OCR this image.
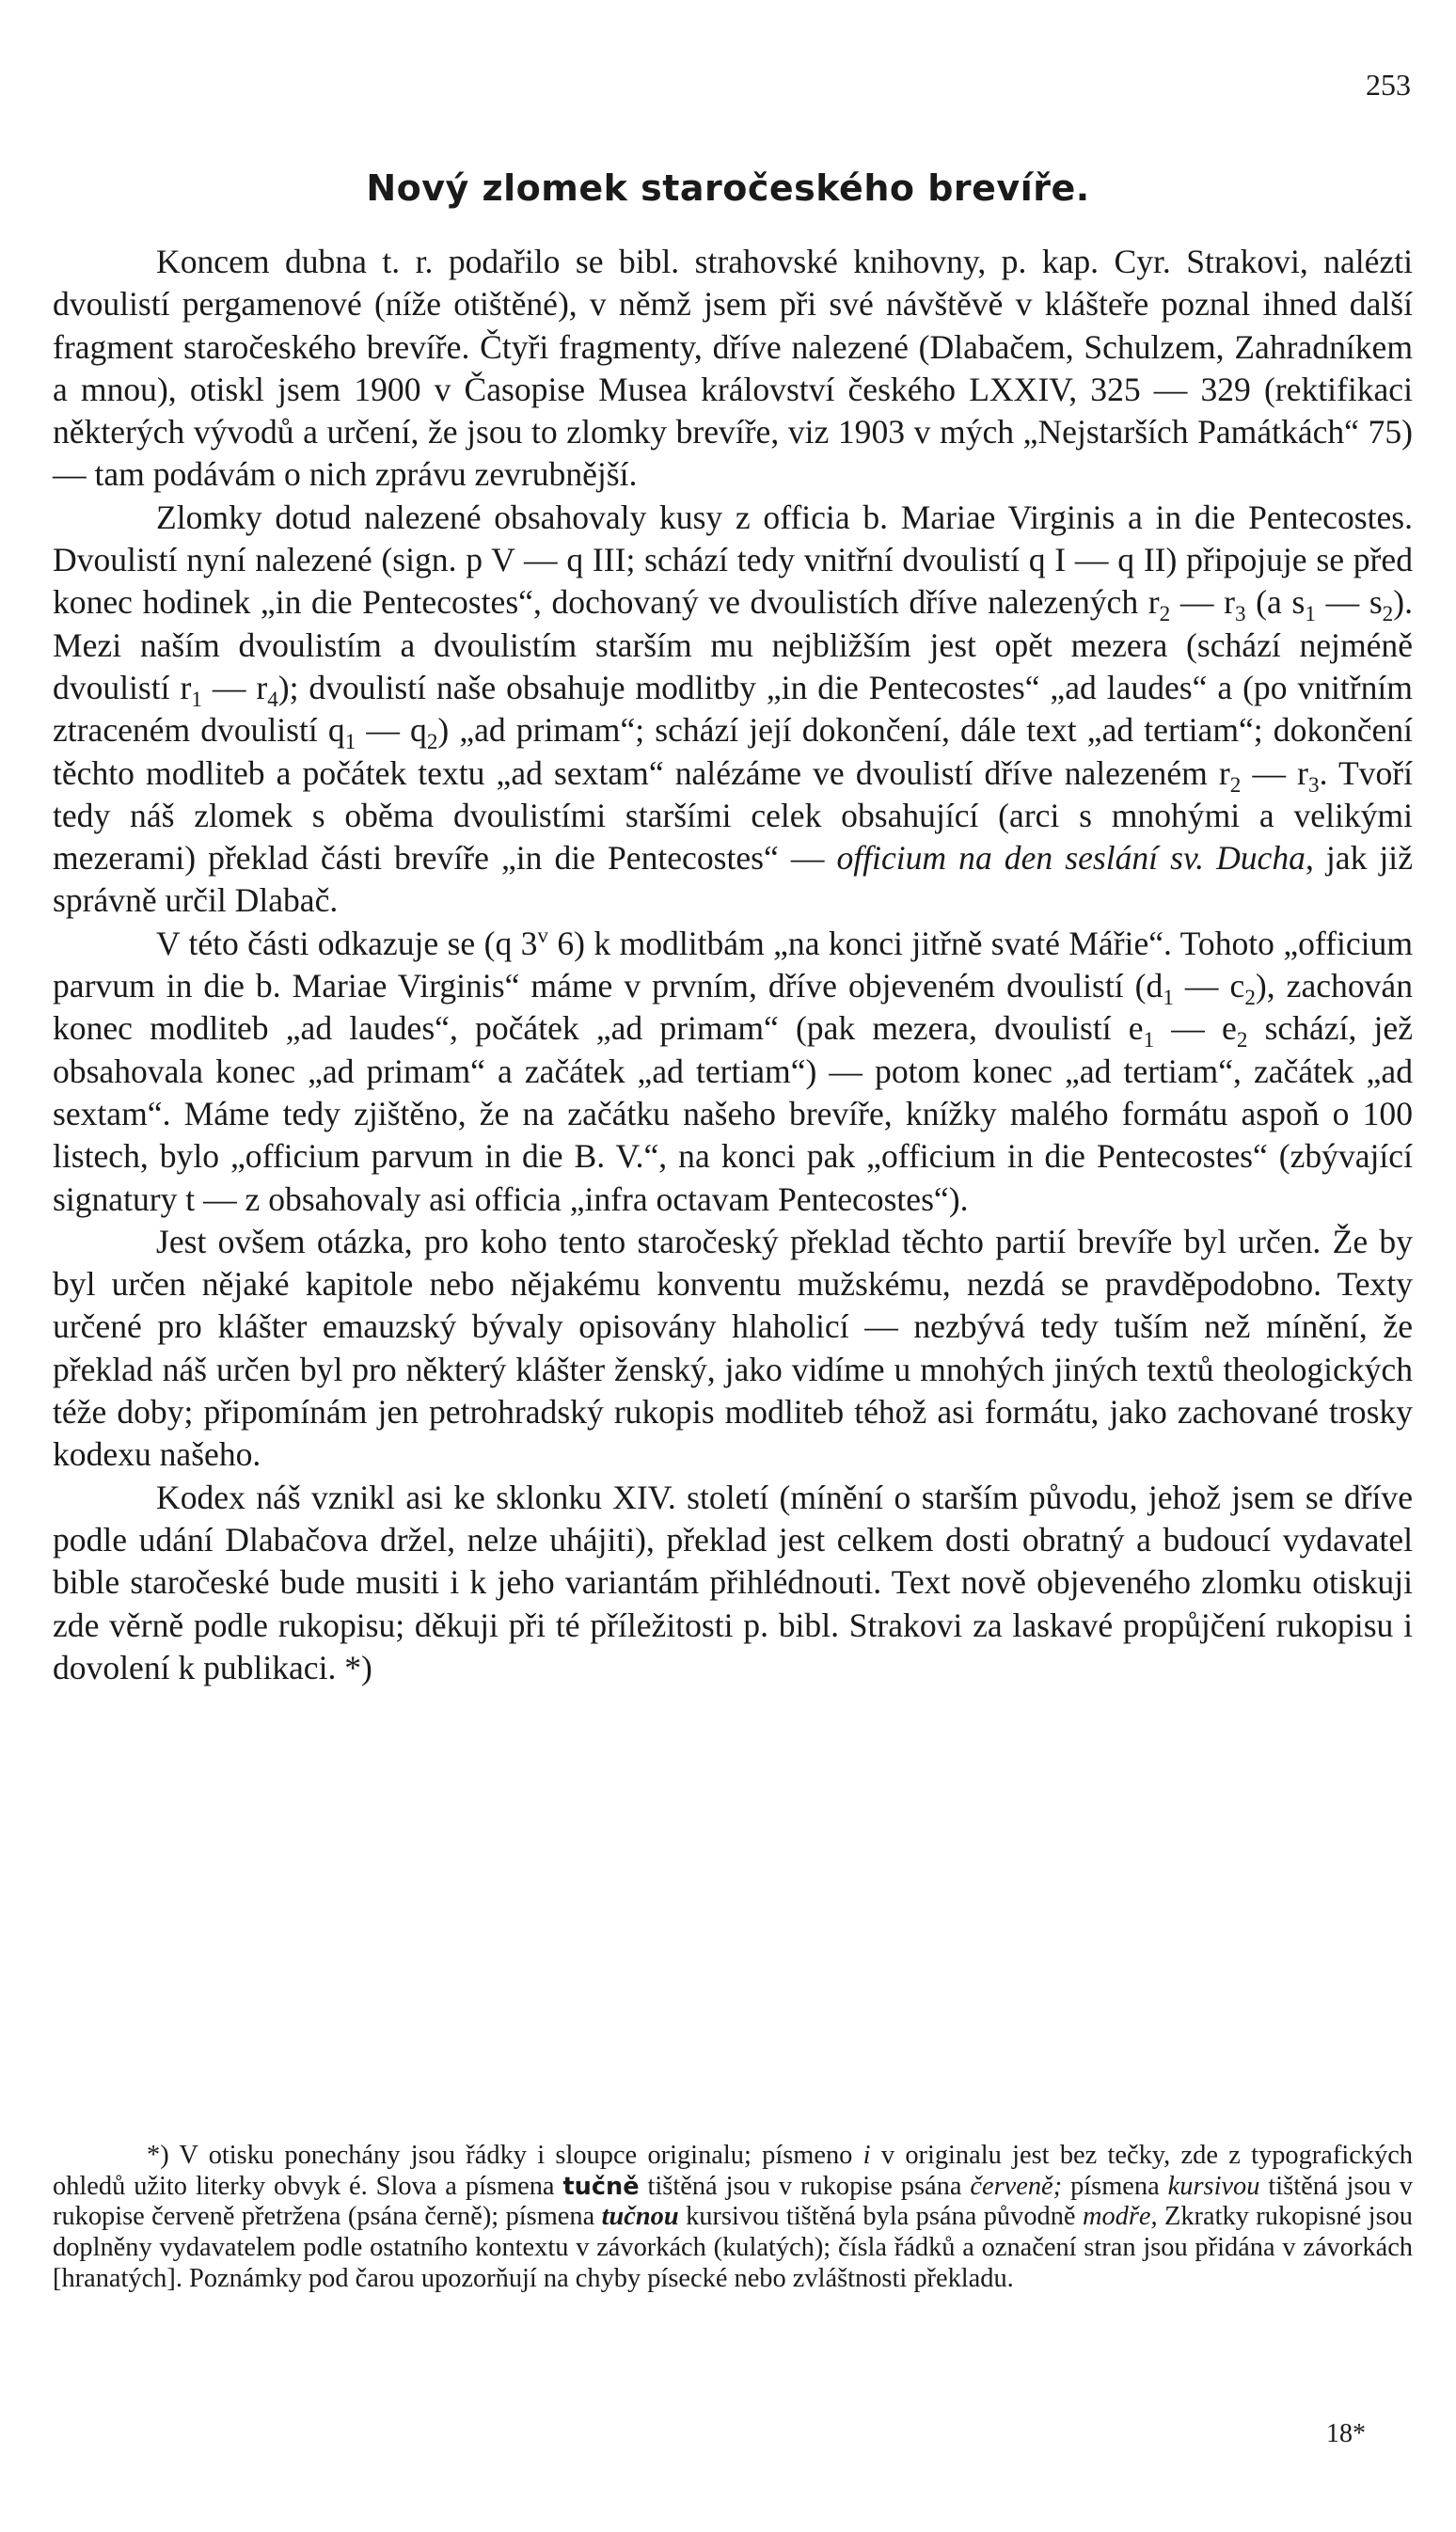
253
Nový zlomek staročeského brevíře.

Koncem dubna t. r. podařilo se bibl. strahovské knihovny, p. kap. Cyr. Strakovi, nalézti dvoulistí pergamenové (níže otištěné), v němž jsem při své návštěvě v klášteře poznal ihned další fragment staročeského brevíře. Čtyři fragmenty, dříve nalezené (Dlabačem, Schulzem, Zahradníkem a mnou), otiskl jsem 1900 v Časopise Musea království českého LXXIV, 325 — 329 (rektifikaci některých vývodů a určení, že jsou to zlomky brevíře, viz 1903 v mých „Nejstarších Památkách“ 75) — tam podávám o nich zprávu zevrubnější.

Zlomky dotud nalezené obsahovaly kusy z officia b. Mariae Virginis a in die Pentecostes. Dvoulistí nyní nalezené (sign. p V — q III; schází tedy vnitřní dvoulistí q I — q II) připojuje se před konec hodinek „in die Pentecostes“, dochovaný ve dvoulistích dříve nalezených $r_2$ — $r_3$ (a $s_1$ — $s_2$). Mezi naším dvoulistím a dvoulistím starším mu nejbližším jest opět mezera (schází nejméně dvoulistí $r_1$ — $r_4$); dvoulistí naše obsahuje modlitby „in die Pentecostes“ „ad laudes“ a (po vnitřním ztraceném dvoulistí $q_1$ — $q_2$) „ad primam“; schází její dokončení, dále text „ad tertiam“; dokončení těchto modliteb a počátek textu „ad sextam“ nalézáme ve dvoulistí dříve nalezeném $r_2$ — $r_3$. Tvoří tedy náš zlomek s oběma dvoulistími staršími celek obsahující (arci s mnohými a velikými mezerami) překlad části brevíře „in die Pentecostes“ — officium na den seslání sv. Ducha, jak již správně určil Dlabač.

V této části odkazuje se (q 3$^v$ 6) k modlitbám „na konci jitřně svaté Mářie“. Tohoto „officium parvum in die b. Mariae Virginis“ máme v prvním, dříve objeveném dvoulistí ($d_1$ — $c_2$), zachován konec modliteb „ad laudes“, počátek „ad primam“ (pak mezera, dvoulistí $e_1$ — $e_2$ schází, jež obsahovala konec „ad primam“ a začátek „ad tertiam“) — potom konec „ad tertiam“, začátek „ad sextam“. Máme tedy zjištěno, že na začátku našeho brevíře, knížky malého formátu aspoň o 100 listech, bylo „officium parvum in die B. V.“, na konci pak „officium in die Pentecostes“ (zbývající signatury t — z obsahovaly asi officia „infra octavam Pentecostes“).

Jest ovšem otázka, pro koho tento staročeský překlad těchto partií brevíře byl určen. Že by byl určen nějaké kapitole nebo nějakému konventu mužskému, nezdá se pravděpodobno. Texty určené pro klášter emauzský bývaly opisovány hlaholicí — nezbývá tedy tuším než mínění, že překlad náš určen byl pro některý klášter ženský, jako vidíme u mnohých jiných textů theologických téže doby; připomínám jen petrohradský rukopis modliteb téhož asi formátu, jako zachované trosky kodexu našeho.

Kodex náš vznikl asi ke sklonku XIV. století (mínění o starším původu, jehož jsem se dříve podle udání Dlabačova držel, nelze uhájiti), překlad jest celkem dosti obratný a budoucí vydavatel bible staročeské bude musiti i k jeho variantám přihlédnouti. Text nově objeveného zlomku otiskuji zde věrně podle rukopisu; děkuji při té příležitosti p. bibl. Strakovi za laskavé propůjčení rukopisu i dovolení k publikaci. *)

*) V otisku ponechány jsou řádky i sloupce originalu; písmeno i v originalu jest bez tečky, zde z typografických ohledů užito literky obvyk é. Slova a písmena tučně tištěná jsou v rukopise psána červeně; písmena kursivou tištěná jsou v rukopise červeně přetržena (psána černě); písmena tučnou kursivou tištěná byla psána původně modře, Zkratky rukopisné jsou doplněny vydavatelem podle ostatního kontextu v závorkách (kulatých); čísla řádků a označení stran jsou přidána v závorkách [hranatých]. Poznámky pod čarou upozorňují na chyby písecké nebo zvláštnosti překladu.

18*
